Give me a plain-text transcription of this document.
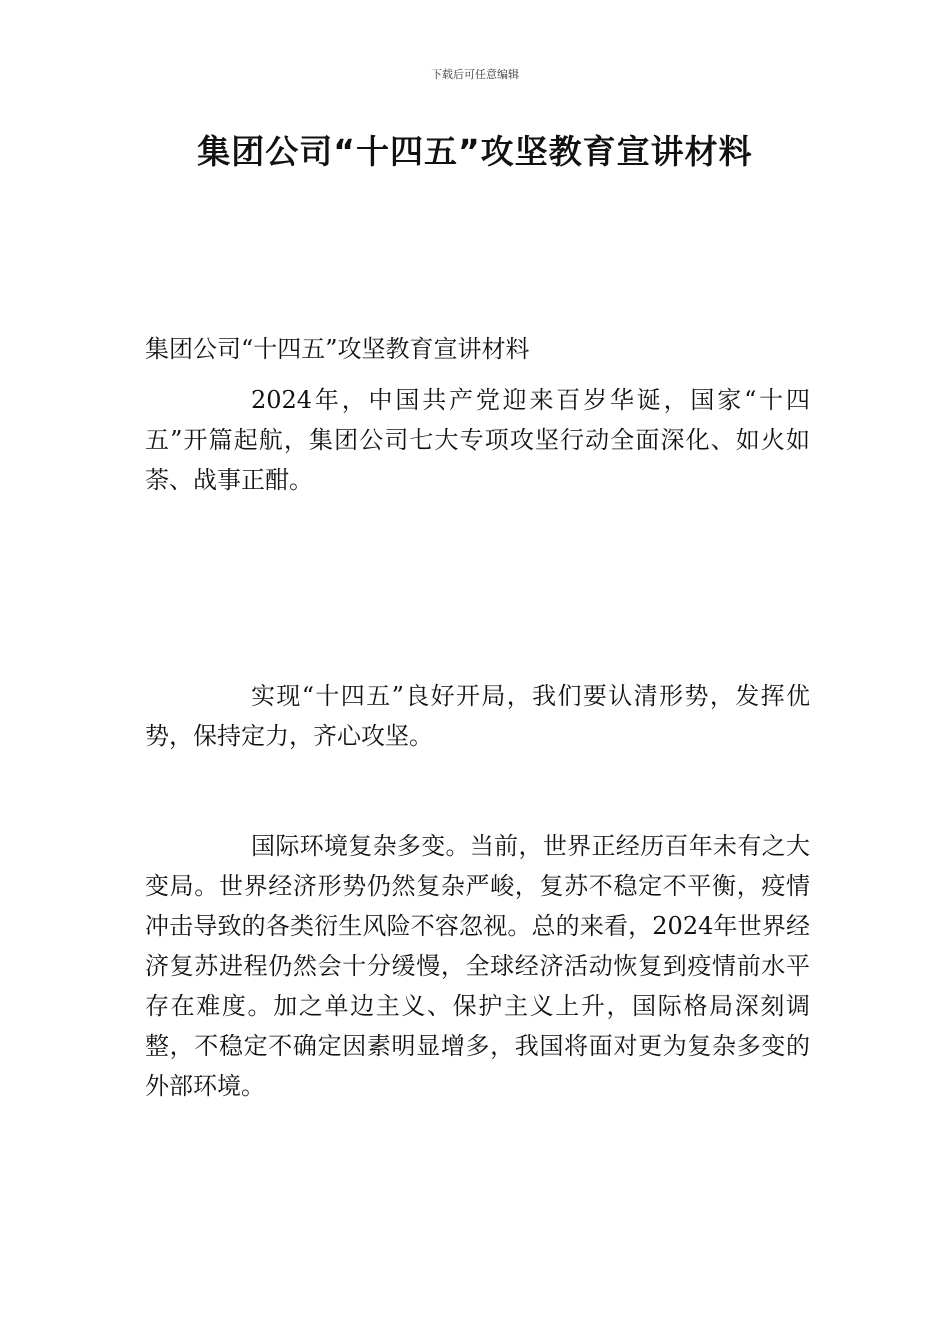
下载后可任意编辑
集团公司“十四五”攻坚教育宣讲材料

集团公司“十四五”攻坚教育宣讲材料

2024年，中国共产党迎来百岁华诞，国家“十四五”开篇起航，集团公司七大专项攻坚行动全面深化、如火如荼、战事正酣。

实现“十四五”良好开局，我们要认清形势，发挥优势，保持定力，齐心攻坚。

国际环境复杂多变。当前，世界正经历百年未有之大变局。世界经济形势仍然复杂严峻，复苏不稳定不平衡，疫情冲击导致的各类衍生风险不容忽视。总的来看，2024年世界经济复苏进程仍然会十分缓慢，全球经济活动恢复到疫情前水平存在难度。加之单边主义、保护主义上升，国际格局深刻调整，不稳定不确定因素明显增多，我国将面对更为复杂多变的外部环境。
